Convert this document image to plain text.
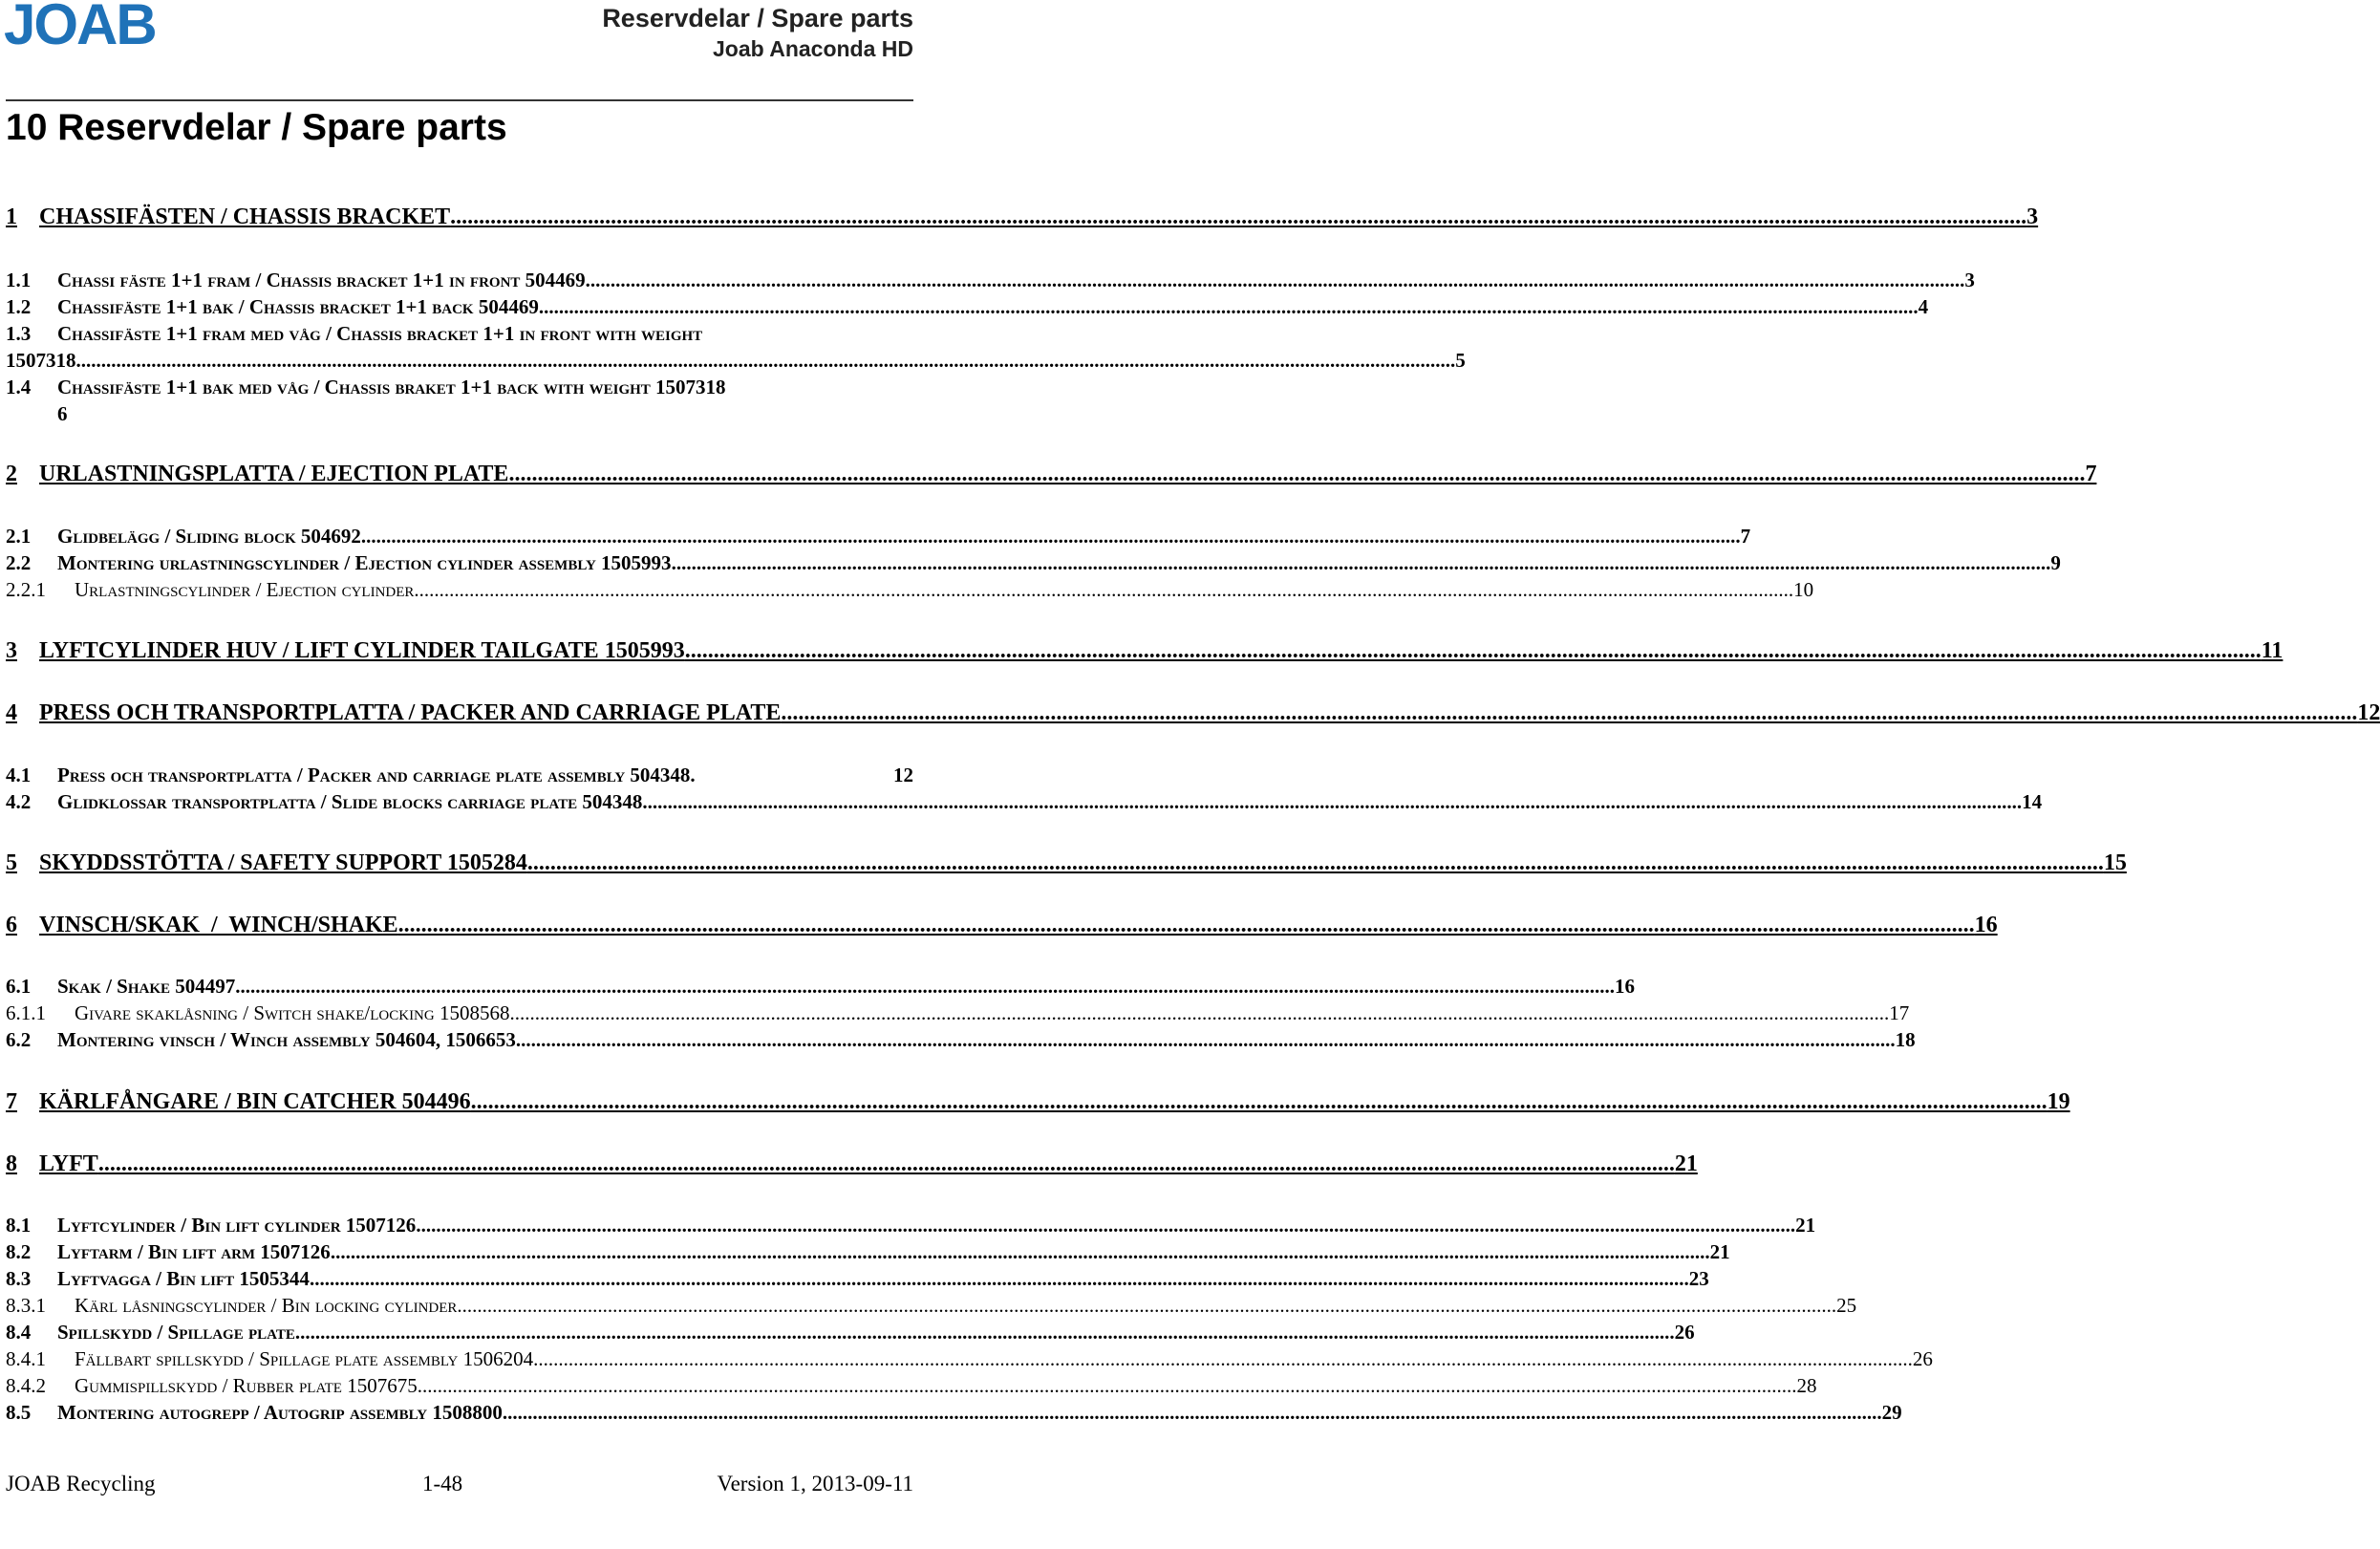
JOAB	Reservdelar / Spare parts
Joab Anaconda HD
10 Reservdelar / Spare parts
1 CHASSIFÄSTEN / CHASSIS BRACKET .....	3
1.1	Chassi fäste 1+1 fram / Chassis bracket 1+1 in front 504469 .....	3
1.2	Chassifäste 1+1 bak / Chassis bracket 1+1 back 504469 .....	4
1.3 Chassifäste 1+1 fram med våg / Chassis bracket 1+1 in front with weight
1507318 .....	5
1.4 Chassifäste 1+1 bak med våg / Chassis braket 1+1 back with weight 1507318
6
2 URLASTNINGSPLATTA / EJECTION PLATE .....	7
2.1	Glidbelägg / Sliding block 504692 .....	7
2.2	Montering urlastningscylinder / Ejection cylinder assembly 1505993 .....	9
2.2.1	Urlastningscylinder / Ejection cylinder .....	10
3 LYFTCYLINDER HUV / LIFT CYLINDER TAILGATE 1505993 .....	11
4 PRESS OCH TRANSPORTPLATTA / PACKER AND CARRIAGE PLATE .....	12
4.1	Press och transportplatta / Packer and carriage plate assembly 504348.	12
4.2	Glidklossar transportplatta / Slide blocks carriage plate 504348 .....	14
5 SKYDDSSTÖTTA / SAFETY SUPPORT 1505284 .....	15
6 VINSCH/SKAK  /  WINCH/SHAKE .....	16
6.1	Skak / Shake 504497 .....	16
6.1.1	Givare skaklåsning / Switch shake/locking 1508568 .....	17
6.2	Montering vinsch / Winch assembly 504604, 1506653 .....	18
7 KÄRLFÅNGARE / BIN CATCHER 504496 .....	19
8 LYFT .....	21
8.1	Lyftcylinder / Bin lift cylinder 1507126 .....	21
8.2	Lyftarm / Bin lift arm 1507126 .....	21
8.3	Lyftvagga / Bin lift 1505344 .....	23
8.3.1	Kärl låsningscylinder / Bin locking cylinder .....	25
8.4	Spillskydd / Spillage plate .....	26
8.4.1	Fällbart spillskydd / Spillage plate assembly 1506204 .....	26
8.4.2	Gummispillskydd / Rubber plate 1507675 .....	28
8.5	Montering autogrepp / Autogrip assembly 1508800 .....	29
JOAB Recycling	1-48	Version 1, 2013-09-11
